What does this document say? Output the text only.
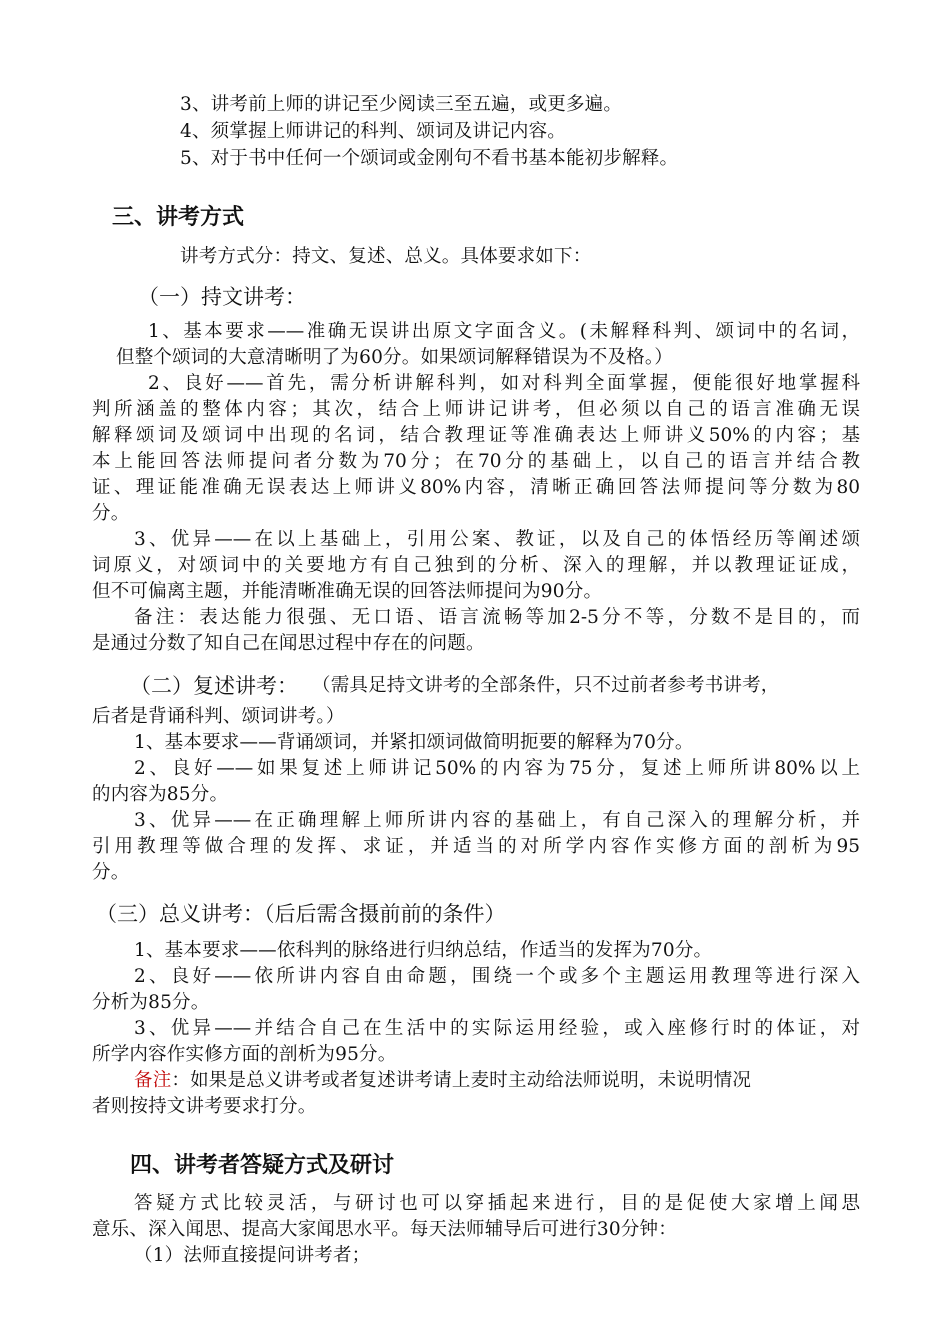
3、讲考前上师的讲记至少阅读三至五遍，或更多遍。
4、须掌握上师讲记的科判、颂词及讲记内容。
5、对于书中任何一个颂词或金刚句不看书基本能初步解释。
三、讲考方式
讲考方式分：持文、复述、总义。具体要求如下：
（一）持文讲考：
1、基本要求——准确无误讲出原文字面含义。(未解释科判、颂词中的名词，
但整个颂词的大意清晰明了为60分。如果颂词解释错误为不及格。）
2、良好——首先，需分析讲解科判，如对科判全面掌握，便能很好地掌握科
判所涵盖的整体内容；其次，结合上师讲记讲考，但必须以自己的语言准确无误
解释颂词及颂词中出现的名词，结合教理证等准确表达上师讲义50%的内容；基
本上能回答法师提问者分数为70分；在70分的基础上，以自己的语言并结合教
证、理证能准确无误表达上师讲义80%内容，清晰正确回答法师提问等分数为80
分。
3、优异——在以上基础上，引用公案、教证，以及自己的体悟经历等阐述颂
词原义，对颂词中的关要地方有自己独到的分析、深入的理解，并以教理证证成，
但不可偏离主题，并能清晰准确无误的回答法师提问为90分。
备注：表达能力很强、无口语、语言流畅等加2-5分不等，分数不是目的，而
是通过分数了知自己在闻思过程中存在的问题。
（二）复述讲考： （需具足持文讲考的全部条件，只不过前者参考书讲考，
后者是背诵科判、颂词讲考。）
1、基本要求——背诵颂词，并紧扣颂词做简明扼要的解释为70分。
2、良好——如果复述上师讲记50%的内容为75分，复述上师所讲80%以上
的内容为85分。
3、优异——在正确理解上师所讲内容的基础上，有自己深入的理解分析，并
引用教理等做合理的发挥、求证，并适当的对所学内容作实修方面的剖析为95
分。
（三）总义讲考：（后后需含摄前前的条件）
1、基本要求——依科判的脉络进行归纳总结，作适当的发挥为70分。
2、良好——依所讲内容自由命题，围绕一个或多个主题运用教理等进行深入
分析为85分。
3、优异——并结合自己在生活中的实际运用经验，或入座修行时的体证，对
所学内容作实修方面的剖析为95分。
备注：如果是总义讲考或者复述讲考请上麦时主动给法师说明，未说明情况
者则按持文讲考要求打分。
四、讲考者答疑方式及研讨
答疑方式比较灵活，与研讨也可以穿插起来进行，目的是促使大家增上闻思
意乐、深入闻思、提高大家闻思水平。每天法师辅导后可进行30分钟：
（1）法师直接提问讲考者；
